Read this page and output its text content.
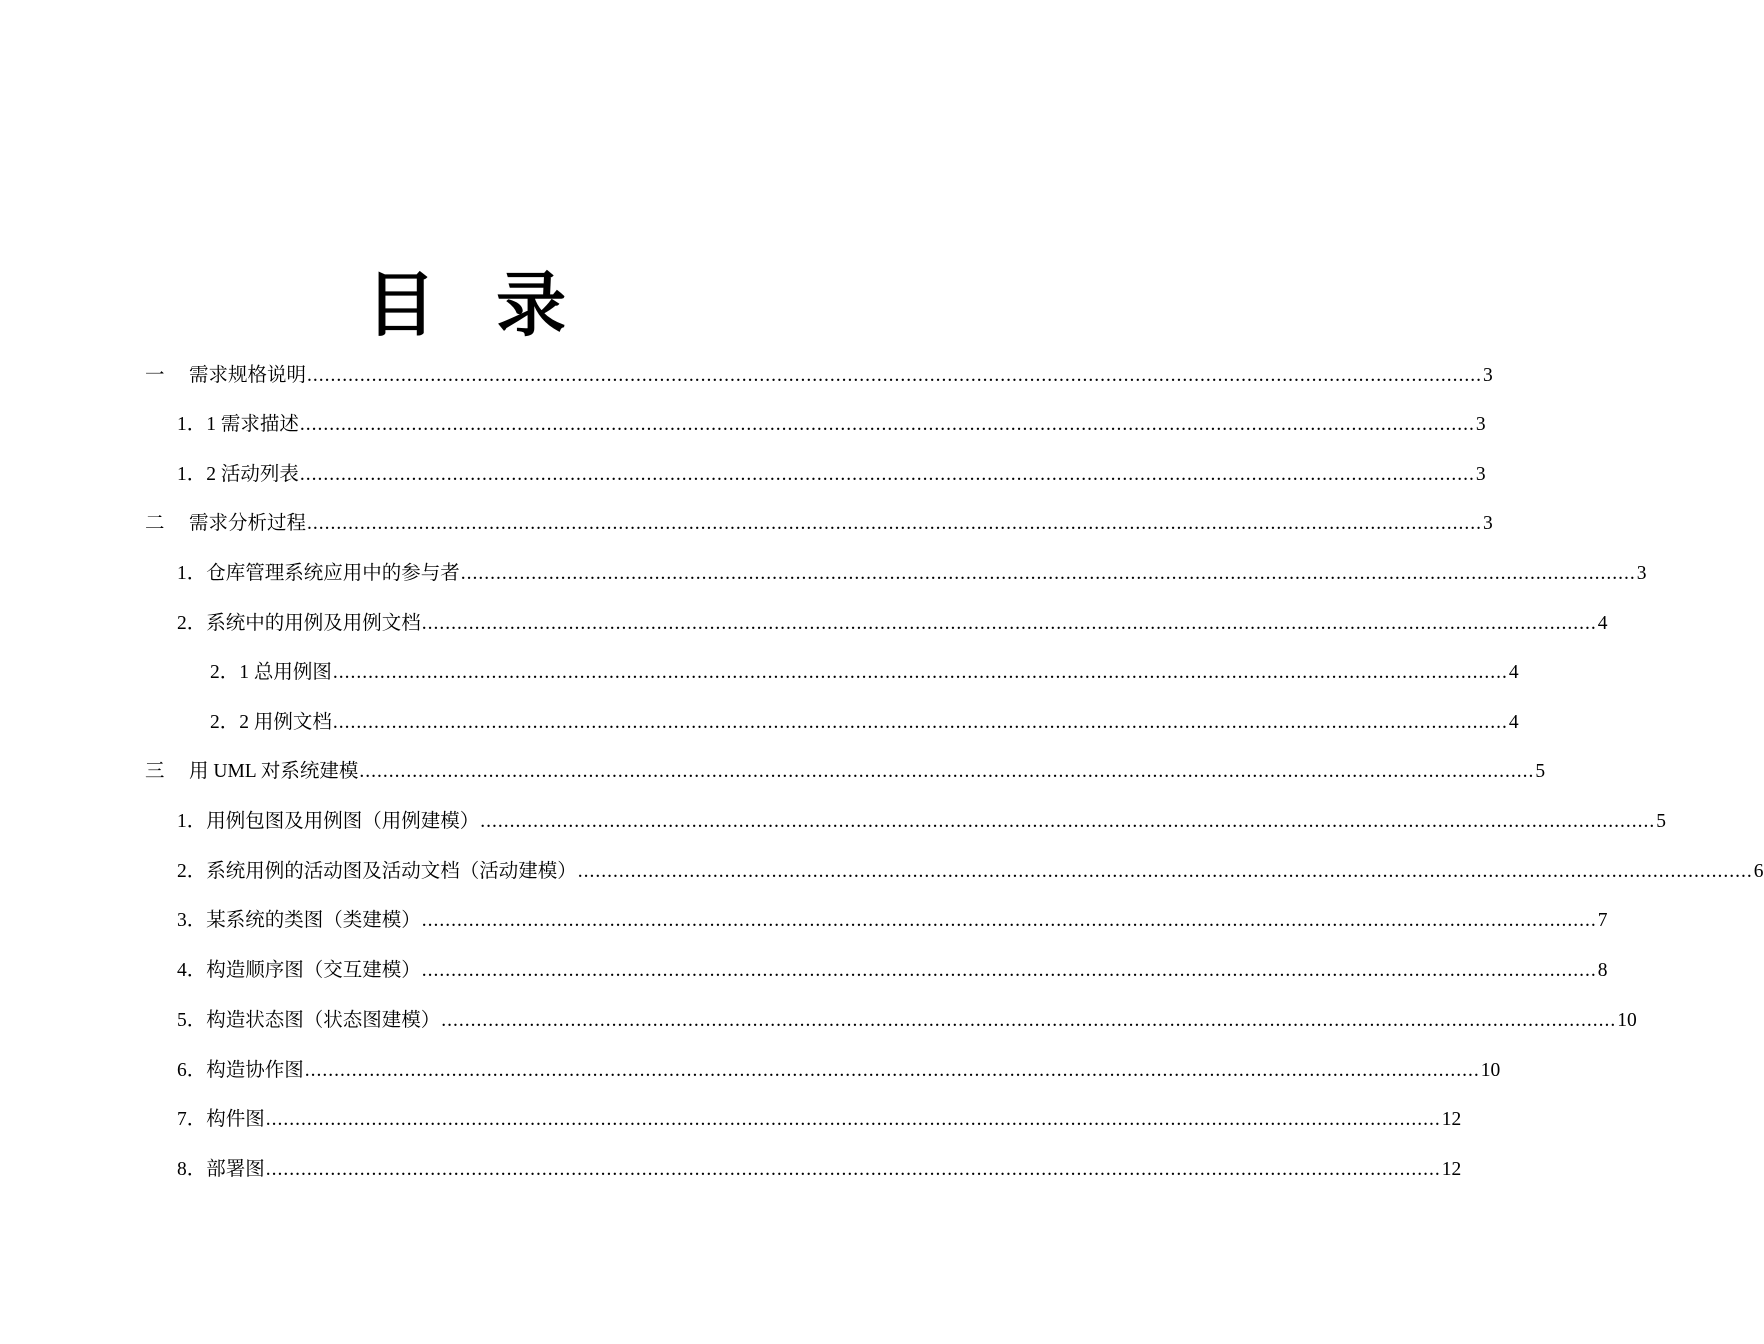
目 录
一	需求规格说明 ........................................................................................................................................................................................................ 3
1．1 需求描述 ........................................................................................................................................................................................................ 3
1．2 活动列表 ........................................................................................................................................................................................................ 3
二	需求分析过程 ........................................................................................................................................................................................................ 3
1．仓库管理系统应用中的参与者 ........................................................................................................................................................................................................ 3
2．系统中的用例及用例文档 ........................................................................................................................................................................................................ 4
2．1 总用例图 ........................................................................................................................................................................................................ 4
2．2 用例文档 ........................................................................................................................................................................................................ 4
三	用 UML 对系统建模 ........................................................................................................................................................................................................ 5
1．用例包图及用例图（用例建模） ........................................................................................................................................................................................................ 5
2．系统用例的活动图及活动文档（活动建模） ........................................................................................................................................................................................................ 6
3．某系统的类图（类建模） ........................................................................................................................................................................................................ 7
4．构造顺序图（交互建模） ........................................................................................................................................................................................................ 8
5．构造状态图（状态图建模） ........................................................................................................................................................................................................ 10
6．构造协作图 ........................................................................................................................................................................................................ 10
7．构件图 ........................................................................................................................................................................................................ 12
8．部署图 ........................................................................................................................................................................................................ 12
